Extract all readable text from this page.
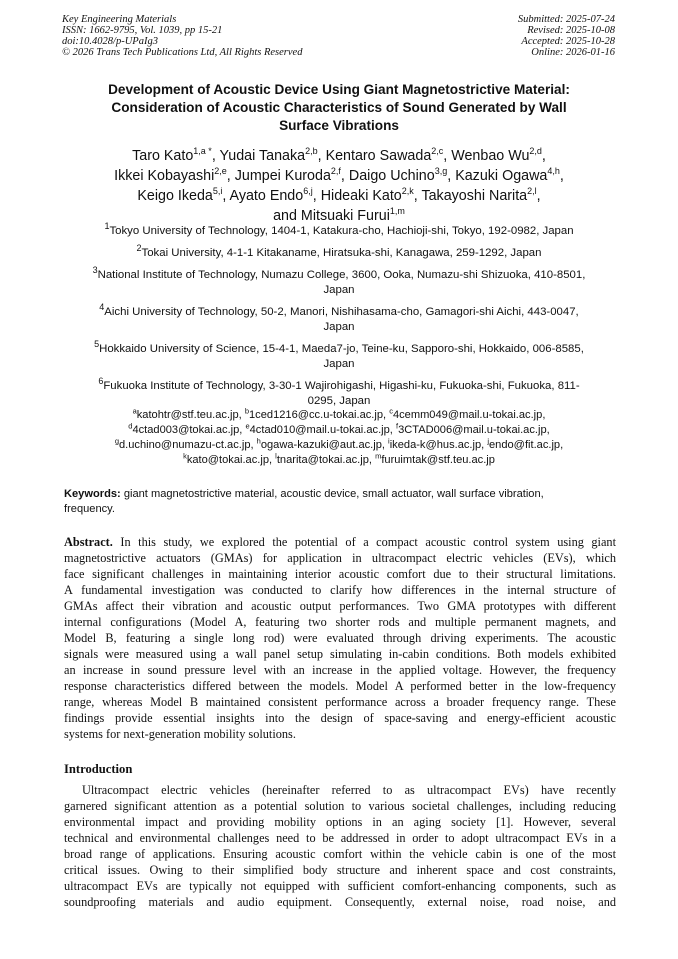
Key Engineering Materials
ISSN: 1662-9795, Vol. 1039, pp 15-21
doi:10.4028/p-UPaIg3
© 2026 Trans Tech Publications Ltd, All Rights Reserved
Submitted: 2025-07-24
Revised: 2025-10-08
Accepted: 2025-10-28
Online: 2026-01-16
Development of Acoustic Device Using Giant Magnetostrictive Material:
Consideration of Acoustic Characteristics of Sound Generated by Wall
Surface Vibrations
Taro Kato$^{1,a *}$, Yudai Tanaka$^{2,b}$, Kentaro Sawada$^{2,c}$, Wenbao Wu$^{2,d}$,
Ikkei Kobayashi$^{2,e}$, Jumpei Kuroda$^{2,f}$, Daigo Uchino$^{3,g}$, Kazuki Ogawa$^{4,h}$,
Keigo Ikeda$^{5,i}$, Ayato Endo$^{6,j}$, Hideaki Kato$^{2,k}$, Takayoshi Narita$^{2,l}$,
and Mitsuaki Furui$^{1,m}$
$^1$Tokyo University of Technology, 1404-1, Katakura-cho, Hachioji-shi, Tokyo, 192-0982, Japan
$^2$Tokai University, 4-1-1 Kitakaname, Hiratsuka-shi, Kanagawa, 259-1292, Japan
$^3$National Institute of Technology, Numazu College, 3600, Ooka, Numazu-shi Shizuoka, 410-8501,
Japan
$^4$Aichi University of Technology, 50-2, Manori, Nishihasama-cho, Gamagori-shi Aichi, 443-0047,
Japan
$^5$Hokkaido University of Science, 15-4-1, Maeda7-jo, Teine-ku, Sapporo-shi, Hokkaido, 006-8585,
Japan
$^6$Fukuoka Institute of Technology, 3-30-1 Wajirohigashi, Higashi-ku, Fukuoka-shi, Fukuoka, 811-
0295, Japan
$^a$katohtr@stf.teu.ac.jp, $^b$1ced1216@cc.u-tokai.ac.jp, $^c$4cemm049@mail.u-tokai.ac.jp,
$^d$4ctad003@tokai.ac.jp, $^e$4ctad010@mail.u-tokai.ac.jp, $^f$3CTAD006@mail.u-tokai.ac.jp,
$^g$d.uchino@numazu-ct.ac.jp, $^h$ogawa-kazuki@aut.ac.jp, $^i$ikeda-k@hus.ac.jp, $^j$endo@fit.ac.jp,
$^k$kato@tokai.ac.jp, $^l$tnarita@tokai.ac.jp, $^m$furuimtak@stf.teu.ac.jp
Keywords: giant magnetostrictive material, acoustic device, small actuator, wall surface vibration,
frequency.
Abstract. In this study, we explored the potential of a compact acoustic control system using giant
magnetostrictive actuators (GMAs) for application in ultracompact electric vehicles (EVs), which
face significant challenges in maintaining interior acoustic comfort due to their structural limitations.
A fundamental investigation was conducted to clarify how differences in the internal structure of
GMAs affect their vibration and acoustic output performances. Two GMA prototypes with different
internal configurations (Model A, featuring two shorter rods and multiple permanent magnets, and
Model B, featuring a single long rod) were evaluated through driving experiments. The acoustic
signals were measured using a wall panel setup simulating in-cabin conditions. Both models exhibited
an increase in sound pressure level with an increase in the applied voltage. However, the frequency
response characteristics differed between the models. Model A performed better in the low-frequency
range, whereas Model B maintained consistent performance across a broader frequency range. These
findings provide essential insights into the design of space-saving and energy-efficient acoustic
systems for next-generation mobility solutions.
Introduction
Ultracompact electric vehicles (hereinafter referred to as ultracompact EVs) have recently
garnered significant attention as a potential solution to various societal challenges, including reducing
environmental impact and providing mobility options in an aging society [1]. However, several
technical and environmental challenges need to be addressed in order to adopt ultracompact EVs in a
broad range of applications. Ensuring acoustic comfort within the vehicle cabin is one of the most
critical issues. Owing to their simplified body structure and inherent space and cost constraints,
ultracompact EVs are typically not equipped with sufficient comfort-enhancing components, such as
soundproofing materials and audio equipment. Consequently, external noise, road noise, and
